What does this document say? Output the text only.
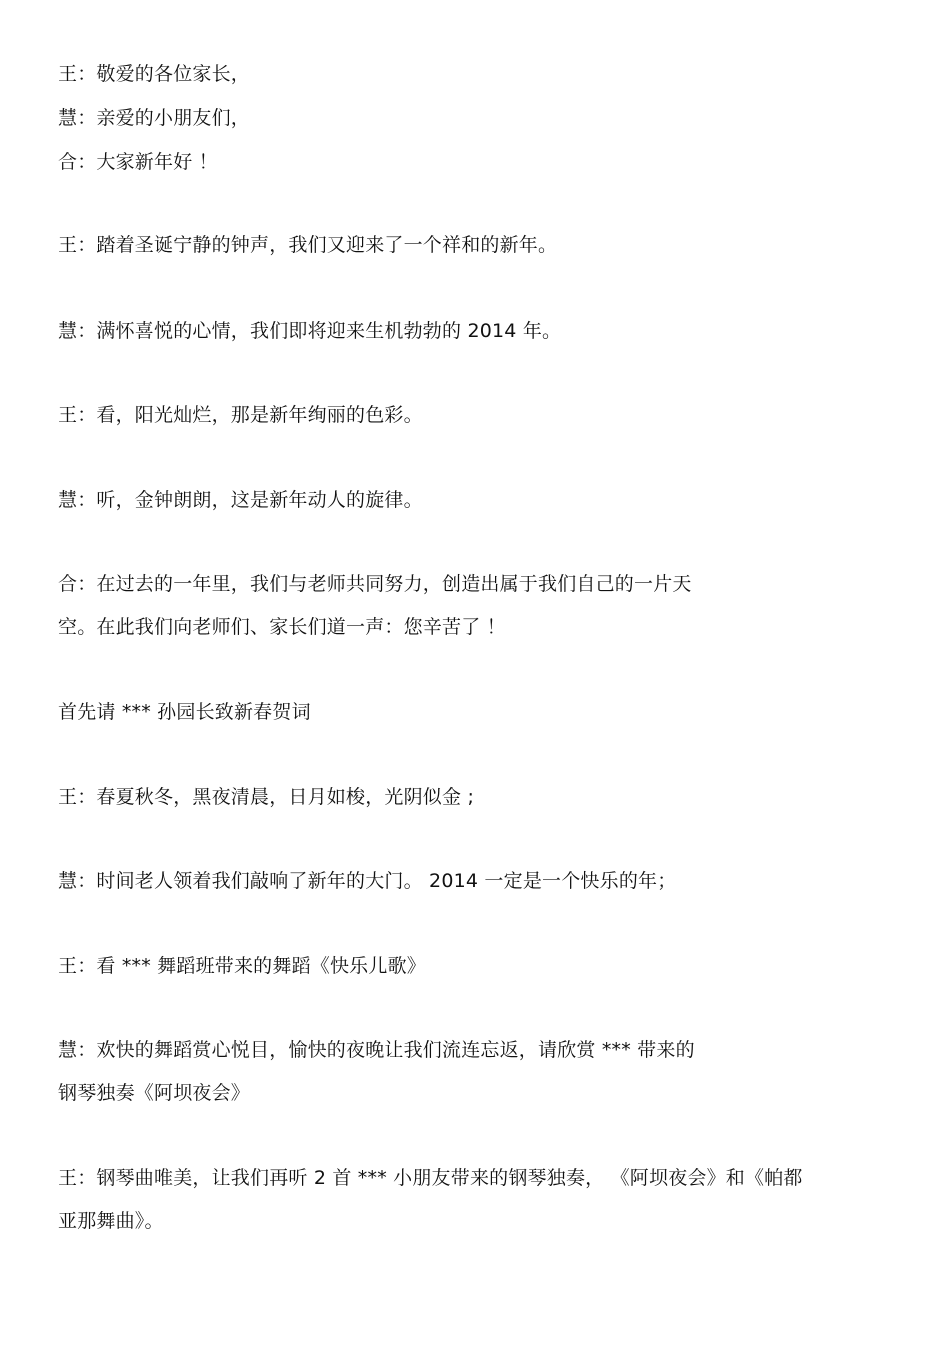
王：敬爱的各位家长，
慧：亲爱的小朋友们，
合：大家新年好 ！
王：踏着圣诞宁静的钟声，我们又迎来了一个祥和的新年。
慧：满怀喜悦的心情，我们即将迎来生机勃勃的 2014 年。
王：看，阳光灿烂，那是新年绚丽的色彩。
慧：听，金钟朗朗，这是新年动人的旋律。
合：在过去的一年里，我们与老师共同努力，创造出属于我们自己的一片天
空。在此我们向老师们、家长们道一声：您辛苦了 ！
首先请 *** 孙园长致新春贺词
王：春夏秋冬，黑夜清晨，日月如梭，光阴似金 ;
慧：时间老人领着我们敲响了新年的大门。 2014 一定是一个快乐的年；
王：看 *** 舞蹈班带来的舞蹈《快乐儿歌》
慧：欢快的舞蹈赏心悦目，愉快的夜晚让我们流连忘返，请欣赏 *** 带来的
钢琴独奏《阿坝夜会》
王：钢琴曲唯美，让我们再听 2 首 *** 小朋友带来的钢琴独奏， 《阿坝夜会》和《帕都
亚那舞曲》。
